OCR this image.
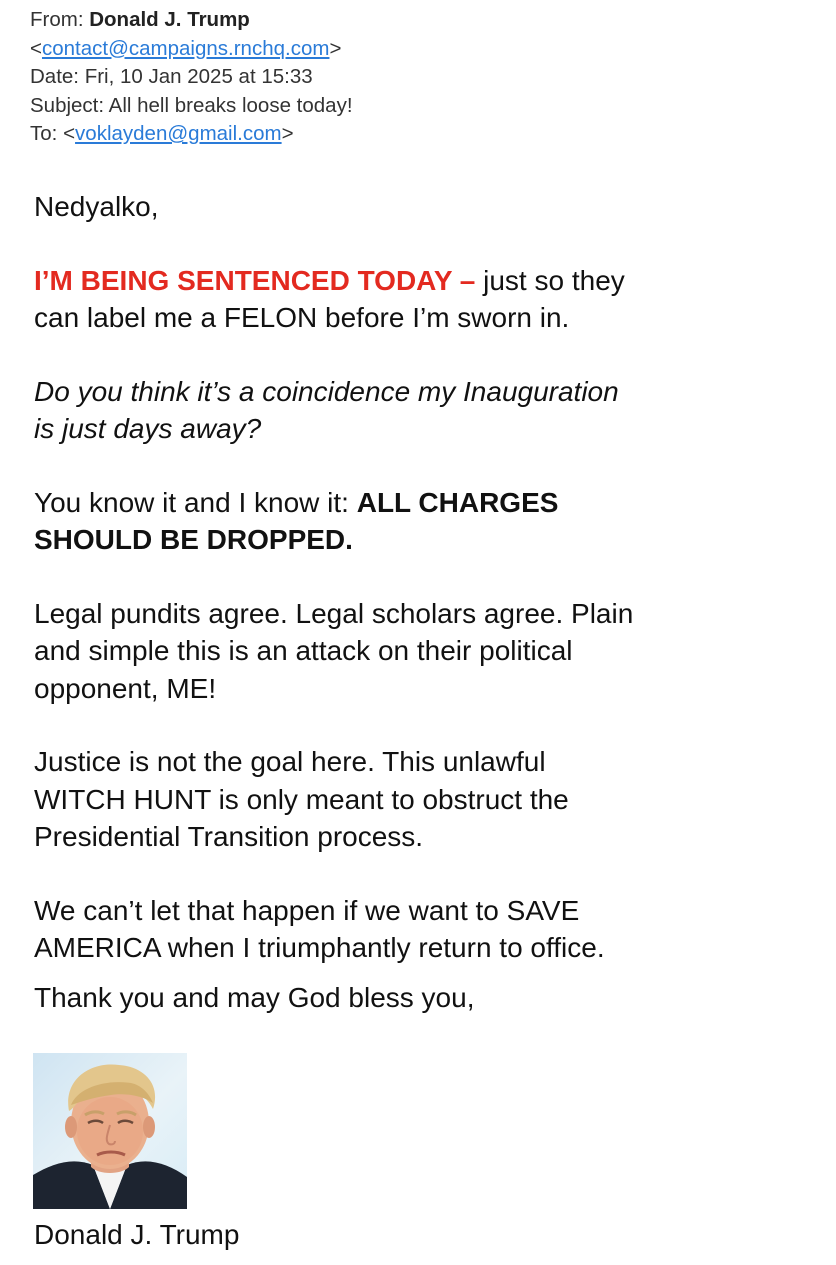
From: Donald J. Trump
<contact@campaigns.rnchq.com>
Date: Fri, 10 Jan 2025 at 15:33
Subject: All hell breaks loose today!
To: <voklayden@gmail.com>

Nedyalko,

I’M BEING SENTENCED TODAY – just so they
can label me a FELON before I’m sworn in.

Do you think it’s a coincidence my Inauguration
is just days away?

You know it and I know it: ALL CHARGES
SHOULD BE DROPPED.

Legal pundits agree. Legal scholars agree. Plain
and simple this is an attack on their political
opponent, ME!

Justice is not the goal here. This unlawful
WITCH HUNT is only meant to obstruct the
Presidential Transition process.

We can’t let that happen if we want to SAVE
AMERICA when I triumphantly return to office.

Thank you and may God bless you,

Donald J. Trump
